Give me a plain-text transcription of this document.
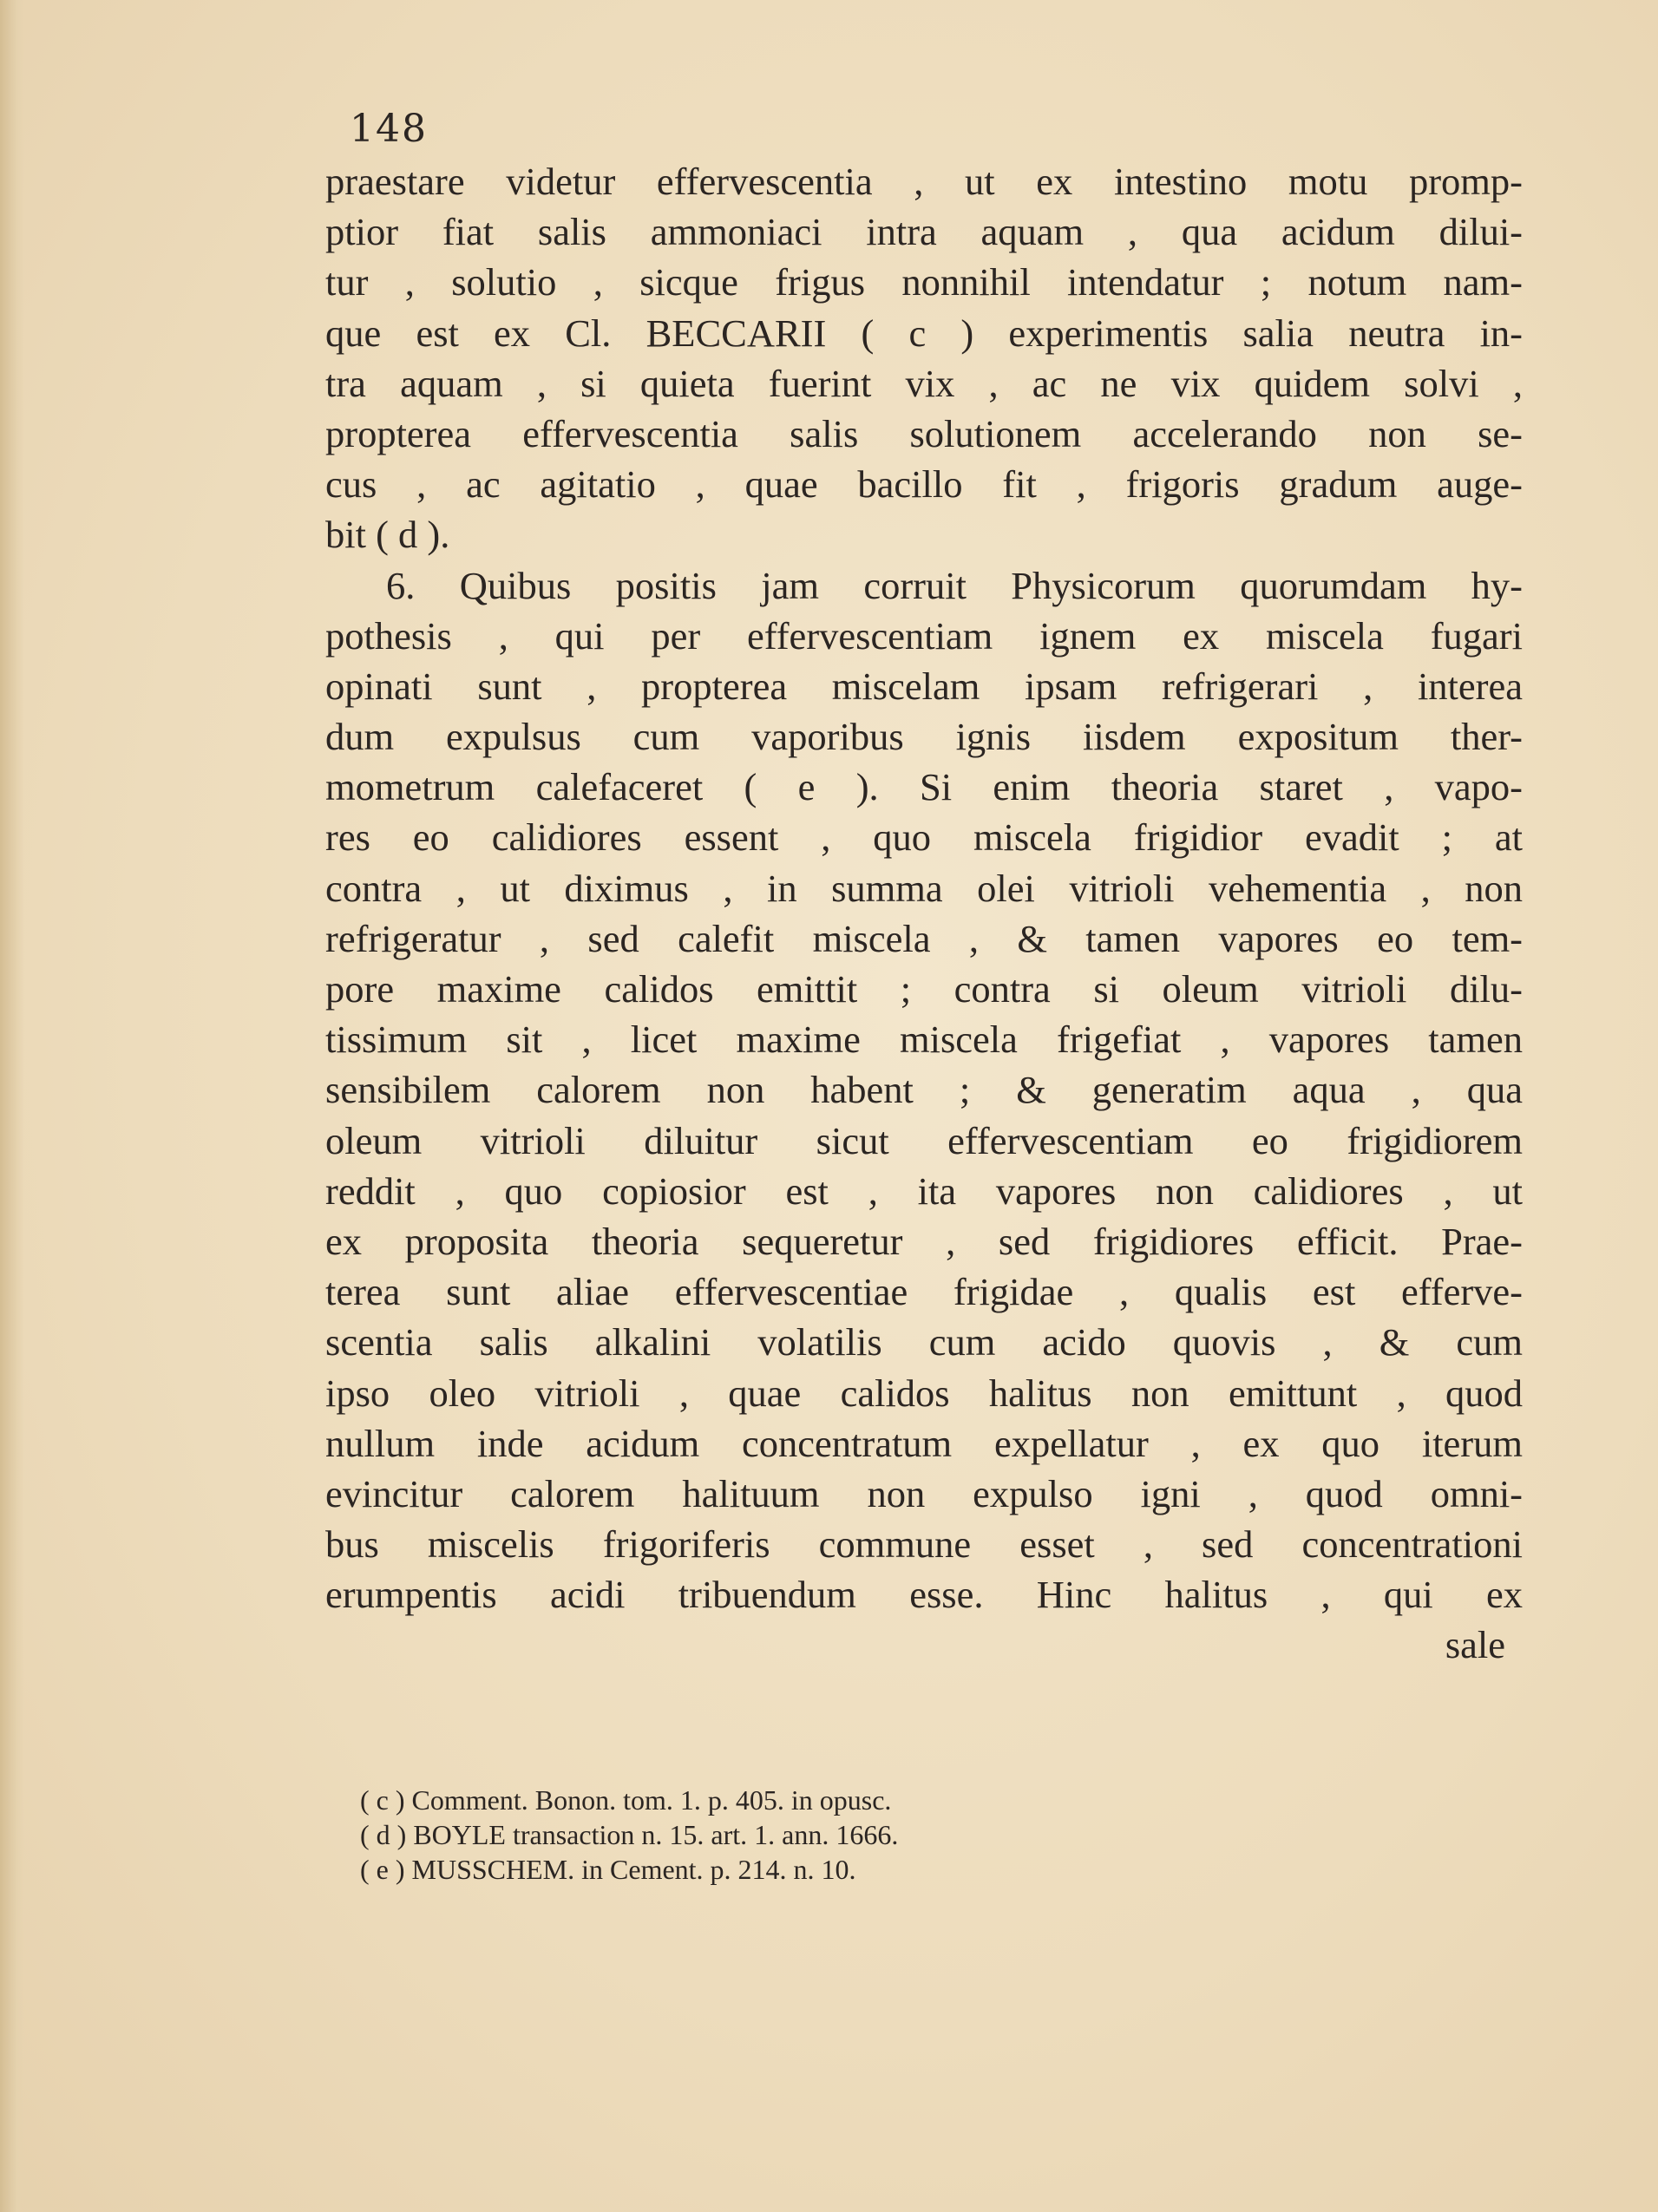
148
praestare videtur effervescentia , ut ex intestino motu promp-
ptior fiat salis ammoniaci intra aquam , qua acidum dilui-
tur , solutio , sicque frigus nonnihil intendatur ; notum nam-
que est ex Cl. BECCARII ( c ) experimentis salia neutra in-
tra aquam , si quieta fuerint vix , ac ne vix quidem solvi ,
propterea effervescentia salis solutionem accelerando non se-
cus , ac agitatio , quae bacillo fit , frigoris gradum auge-
bit ( d ).
6. Quibus positis jam corruit Physicorum quorumdam hy-
pothesis , qui per effervescentiam ignem ex miscela fugari
opinati sunt , propterea miscelam ipsam refrigerari , interea
dum expulsus cum vaporibus ignis iisdem expositum ther-
mometrum calefaceret ( e ). Si enim theoria staret , vapo-
res eo calidiores essent , quo miscela frigidior evadit ; at
contra , ut diximus , in summa olei vitrioli vehementia , non
refrigeratur , sed calefit miscela , & tamen vapores eo tem-
pore maxime calidos emittit ; contra si oleum vitrioli dilu-
tissimum sit , licet maxime miscela frigefiat , vapores tamen
sensibilem calorem non habent ; & generatim aqua , qua
oleum vitrioli diluitur sicut effervescentiam eo frigidiorem
reddit , quo copiosior est , ita vapores non calidiores , ut
ex proposita theoria sequeretur , sed frigidiores efficit. Prae-
terea sunt aliae effervescentiae frigidae , qualis est efferve-
scentia salis alkalini volatilis cum acido quovis , & cum
ipso oleo vitrioli , quae calidos halitus non emittunt , quod
nullum inde acidum concentratum expellatur , ex quo iterum
evincitur calorem halituum non expulso igni , quod omni-
bus miscelis frigoriferis commune esset , sed concentrationi
erumpentis acidi tribuendum esse. Hinc halitus , qui ex
sale
( c ) Comment. Bonon. tom. 1. p. 405. in opusc.
( d ) BOYLE transaction n. 15. art. 1. ann. 1666.
( e ) MUSSCHEM. in Cement. p. 214. n. 10.
